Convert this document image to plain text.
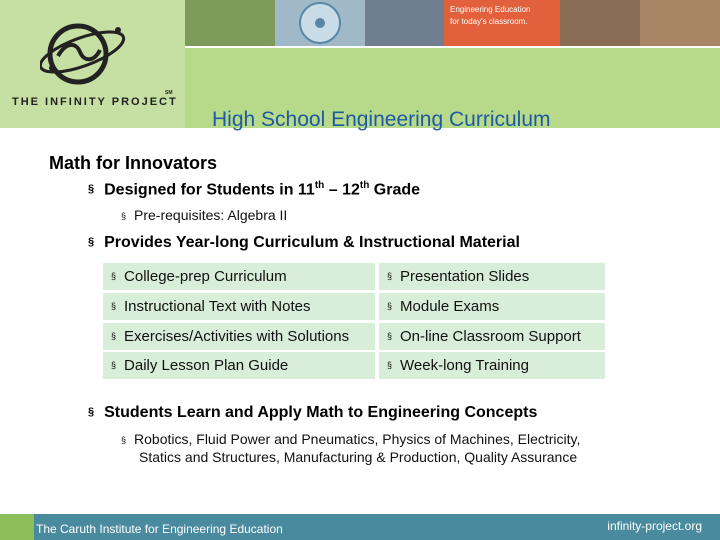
THE INFINITY PROJECT
SM
Engineering Education
for today's classroom.
High School Engineering Curriculum
Math for Innovators
§ Designed for Students in 11th – 12th Grade
§ Pre-requisites: Algebra II
§ Provides Year-long Curriculum & Instructional Material
§ College-prep Curriculum	§ Presentation Slides
§ Instructional Text with Notes	§ Module Exams
§ Exercises/Activities with Solutions	§ On-line Classroom Support
§ Daily Lesson Plan Guide	§ Week-long Training
§ Students Learn and Apply Math to Engineering Concepts
§ Robotics, Fluid Power and Pneumatics, Physics of Machines, Electricity,
Statics and Structures, Manufacturing & Production, Quality Assurance
The Caruth Institute for Engineering Education	infinity-project.org
